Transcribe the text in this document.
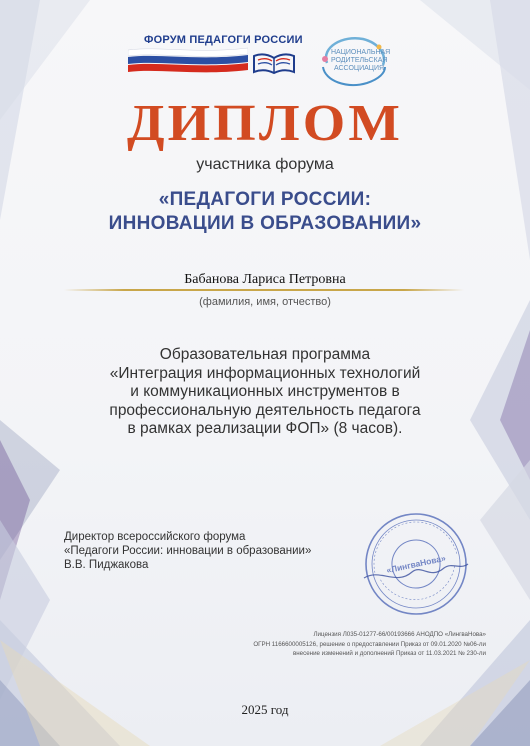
ФОРУМ ПЕДАГОГИ РОССИИ
НАЦИОНАЛЬНАЯ РОДИТЕЛЬСКАЯ АССОЦИАЦИЯ
ДИПЛОМ
участника форума
«ПЕДАГОГИ РОССИИ:
ИННОВАЦИИ В ОБРАЗОВАНИИ»
Бабанова Лариса Петровна
(фамилия, имя, отчество)
Образовательная программа
«Интеграция информационных технологий
и коммуникационных инструментов в
профессиональную деятельность педагога
в рамках реализации ФОП» (8 часов).
Директор всероссийского форума
«Педагоги России: инновации в образовании»
В.В. Пиджакова	«ЛингваНова»
Лицензия Л035-01277-66/00193666 АНОДПО «ЛингваНова»
ОГРН 1166600005126, решение о предоставлении Приказ от 09.01.2020 №06-ли
внесение изменений и дополнений Приказ от 11.03.2021 № 230-ли
2025 год
